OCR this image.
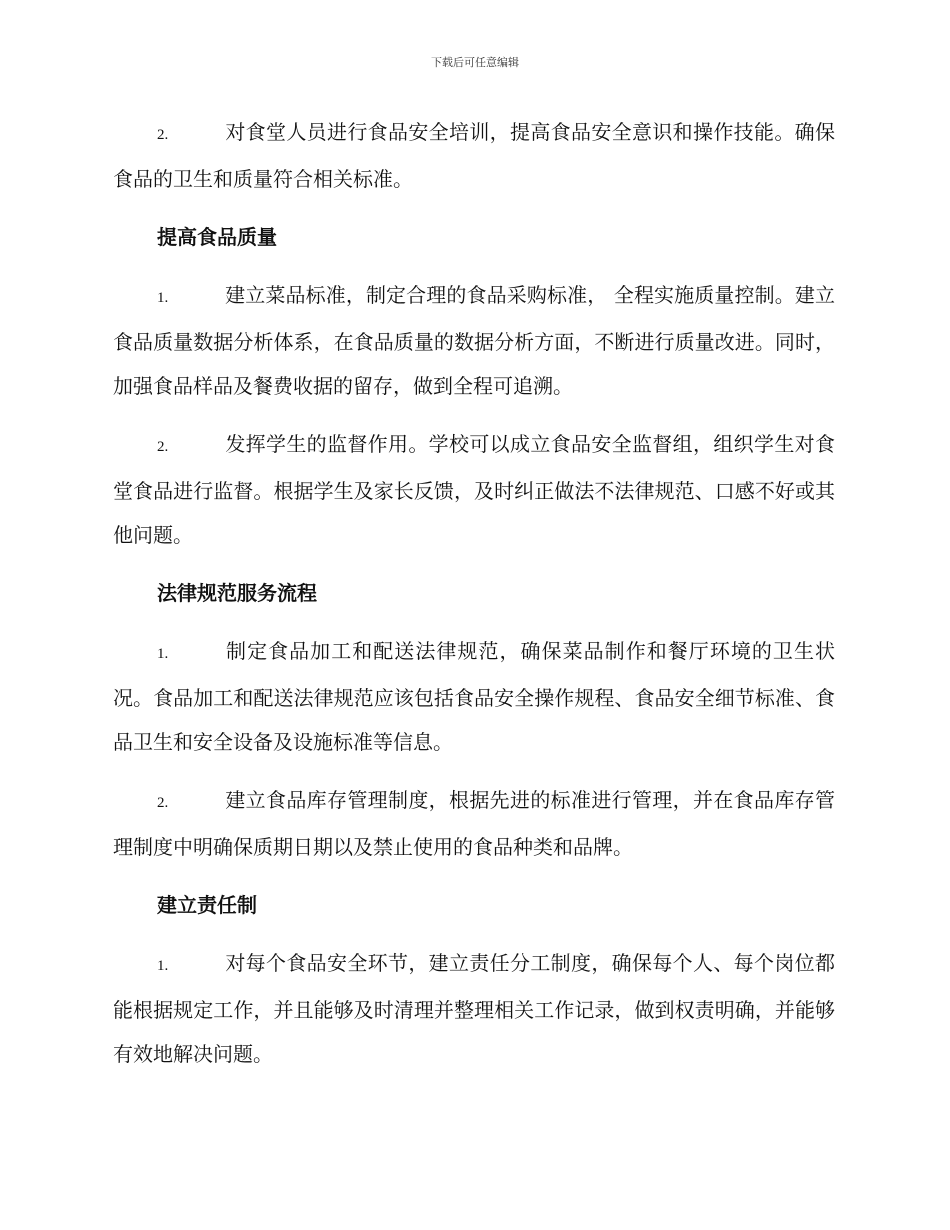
下载后可任意编辑

2.	对食堂人员进行食品安全培训，提高食品安全意识和操作技能。确保食品的卫生和质量符合相关标准。

提高食品质量

1.	建立菜品标准，制定合理的食品采购标准， 全程实施质量控制。建立食品质量数据分析体系，在食品质量的数据分析方面，不断进行质量改进。同时，加强食品样品及餐费收据的留存，做到全程可追溯。

2.	发挥学生的监督作用。学校可以成立食品安全监督组，组织学生对食堂食品进行监督。根据学生及家长反馈，及时纠正做法不法律规范、口感不好或其他问题。

法律规范服务流程

1.	制定食品加工和配送法律规范，确保菜品制作和餐厅环境的卫生状况。食品加工和配送法律规范应该包括食品安全操作规程、食品安全细节标准、食品卫生和安全设备及设施标准等信息。

2.	建立食品库存管理制度，根据先进的标准进行管理，并在食品库存管理制度中明确保质期日期以及禁止使用的食品种类和品牌。

建立责任制

1.	对每个食品安全环节，建立责任分工制度，确保每个人、每个岗位都能根据规定工作，并且能够及时清理并整理相关工作记录，做到权责明确，并能够有效地解决问题。
